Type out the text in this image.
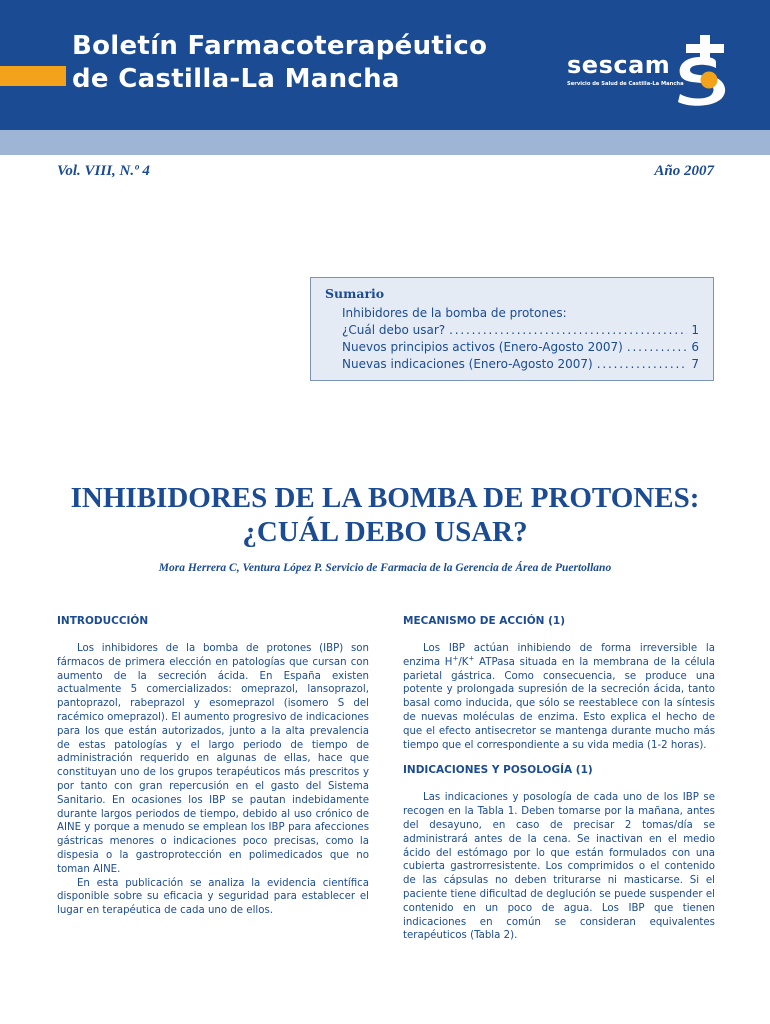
Boletín Farmacoterapéutico
de Castilla-La Mancha	sescam
Servicio de Salud de Castilla-La Mancha
Vol. VIII, N.º 4	Año 2007
Sumario
Inhibidores de la bomba de protones:
¿Cuál debo usar? . . .	1
Nuevos principios activos (Enero-Agosto 2007) . . .	6
Nuevas indicaciones (Enero-Agosto 2007) . . .	7
INHIBIDORES DE LA BOMBA DE PROTONES:
¿CUÁL DEBO USAR?
Mora Herrera C, Ventura López P. Servicio de Farmacia de la Gerencia de Área de Puertollano
INTRODUCCIÓN

Los inhibidores de la bomba de protones (IBP) son fármacos de primera elección en patologías que cursan con aumento de la secreción ácida. En España existen actualmente 5 comercializados: omeprazol, lansoprazol, pantoprazol, rabeprazol y esomeprazol (isomero S del racémico omeprazol). El aumento progresivo de indicaciones para los que están autorizados, junto a la alta prevalencia de estas patologías y el largo periodo de tiempo de administración requerido en algunas de ellas, hace que constituyan uno de los grupos terapéuticos más prescritos y por tanto con gran repercusión en el gasto del Sistema Sanitario. En ocasiones los IBP se pautan indebidamente durante largos periodos de tiempo, debido al uso crónico de AINE y porque a menudo se emplean los IBP para afecciones gástricas menores o indicaciones poco precisas, como la dispesia o la gastroprotección en polimedicados que no toman AINE.

En esta publicación se analiza la evidencia científica disponible sobre su eficacia y seguridad para establecer el lugar en terapéutica de cada uno de ellos.

MECANISMO DE ACCIÓN (1)

Los IBP actúan inhibiendo de forma irreversible la enzima H+/K+ ATPasa situada en la membrana de la célula parietal gástrica. Como consecuencia, se produce una potente y prolongada supresión de la secreción ácida, tanto basal como inducida, que sólo se reestablece con la síntesis de nuevas moléculas de enzima. Esto explica el hecho de que el efecto antisecretor se mantenga durante mucho más tiempo que el correspondiente a su vida media (1-2 horas).

INDICACIONES Y POSOLOGÍA (1)

Las indicaciones y posología de cada uno de los IBP se recogen en la Tabla 1. Deben tomarse por la mañana, antes del desayuno, en caso de precisar 2 tomas/día se administrará antes de la cena. Se inactivan en el medio ácido del estómago por lo que están formulados con una cubierta gastrorresistente. Los comprimidos o el contenido de las cápsulas no deben triturarse ni masticarse. Si el paciente tiene dificultad de deglución se puede suspender el contenido en un poco de agua. Los IBP que tienen indicaciones en común se consideran equivalentes terapéuticos (Tabla 2).
